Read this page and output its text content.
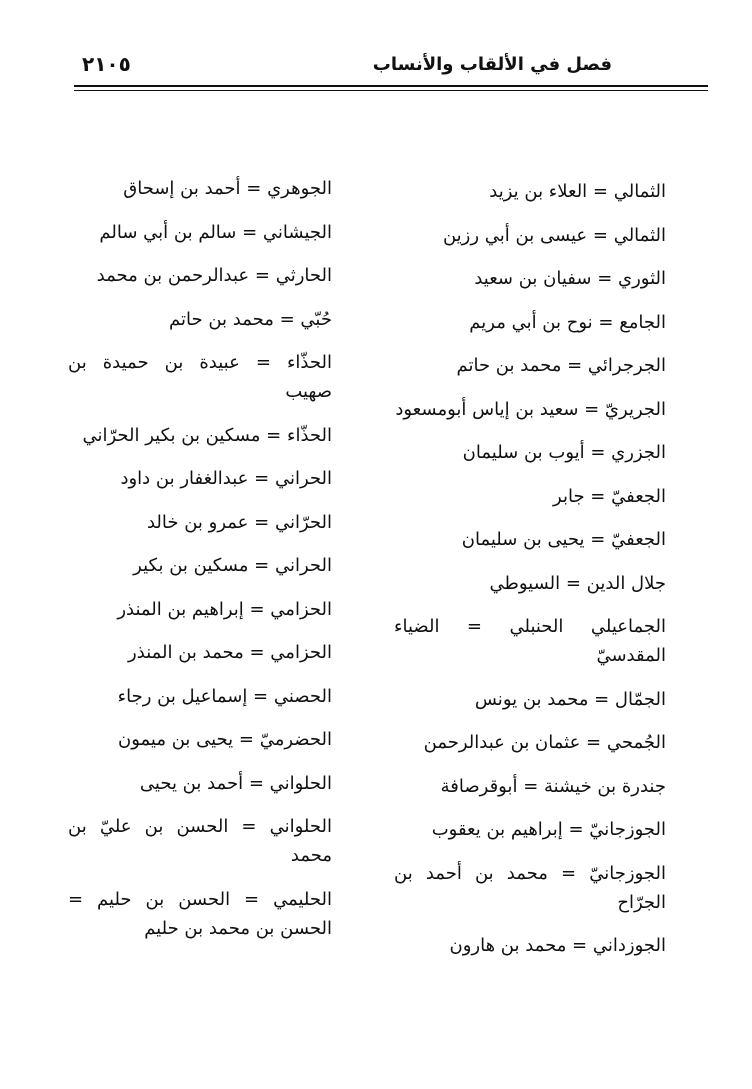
٢١٠٥	فصل في الألقاب والأنساب

الثمالي = العلاء بن يزيد

الثمالي = عيسى بن أبي رزين

الثوري = سفيان بن سعيد

الجامع = نوح بن أبي مريم

الجرجرائي = محمد بن حاتم

الجريريّ = سعيد بن إياس أبومسعود

الجزري = أيوب بن سليمان

الجعفيّ = جابر

الجعفيّ = يحيى بن سليمان

جلال الدين = السيوطي

الجماعيلي الحنبلي = الضياء المقدسيّ

الجمّال = محمد بن يونس

الجُمحي = عثمان بن عبدالرحمن

جندرة بن خيشنة = أبوقرصافة

الجوزجانيّ = إبراهيم بن يعقوب

الجوزجانيّ = محمد بن أحمد بن الجرّاح

الجوزداني = محمد بن هارون

الجوهري = أحمد بن إسحاق

الجيشاني = سالم بن أبي سالم

الحارثي = عبدالرحمن بن محمد

حُبّي = محمد بن حاتم

الحذّاء = عبيدة بن حميدة بن صهيب

الحذّاء = مسكين بن بكير الحرّاني

الحراني = عبدالغفار بن داود

الحرّاني = عمرو بن خالد

الحراني = مسكين بن بكير

الحزامي = إبراهيم بن المنذر

الحزامي = محمد بن المنذر

الحصني = إسماعيل بن رجاء

الحضرميّ = يحيى بن ميمون

الحلواني = أحمد بن يحيى

الحلواني = الحسن بن عليّ بن محمد

الحليمي = الحسن بن حليم = الحسن بن محمد بن حليم
